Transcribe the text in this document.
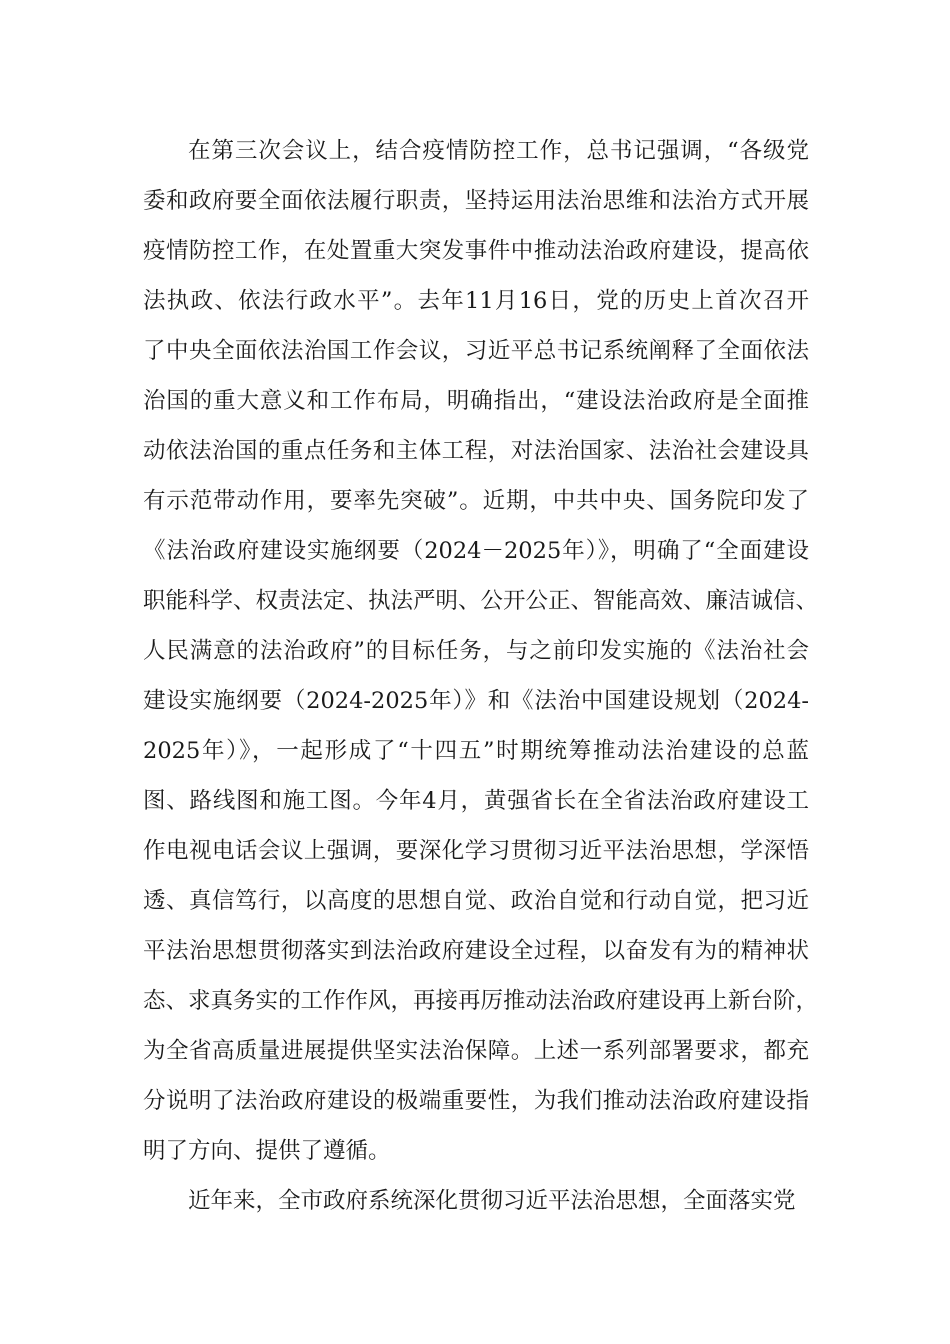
在第三次会议上，结合疫情防控工作，总书记强调，“各级党
委和政府要全面依法履行职责，坚持运用法治思维和法治方式开展
疫情防控工作，在处置重大突发事件中推动法治政府建设，提高依
法执政、依法行政水平”。去年11月16日，党的历史上首次召开
了中央全面依法治国工作会议，习近平总书记系统阐释了全面依法
治国的重大意义和工作布局，明确指出，“建设法治政府是全面推
动依法治国的重点任务和主体工程，对法治国家、法治社会建设具
有示范带动作用，要率先突破”。近期，中共中央、国务院印发了
《法治政府建设实施纲要（2024－2025年）》，明确了“全面建设
职能科学、权责法定、执法严明、公开公正、智能高效、廉洁诚信、
人民满意的法治政府”的目标任务，与之前印发实施的《法治社会
建设实施纲要（2024-2025年）》和《法治中国建设规划（2024-
2025年）》，一起形成了“十四五”时期统筹推动法治建设的总蓝
图、路线图和施工图。今年4月，黄强省长在全省法治政府建设工
作电视电话会议上强调，要深化学习贯彻习近平法治思想，学深悟
透、真信笃行，以高度的思想自觉、政治自觉和行动自觉，把习近
平法治思想贯彻落实到法治政府建设全过程，以奋发有为的精神状
态、求真务实的工作作风，再接再厉推动法治政府建设再上新台阶，
为全省高质量进展提供坚实法治保障。上述一系列部署要求，都充
分说明了法治政府建设的极端重要性，为我们推动法治政府建设指
明了方向、提供了遵循。
近年来，全市政府系统深化贯彻习近平法治思想，全面落实党
